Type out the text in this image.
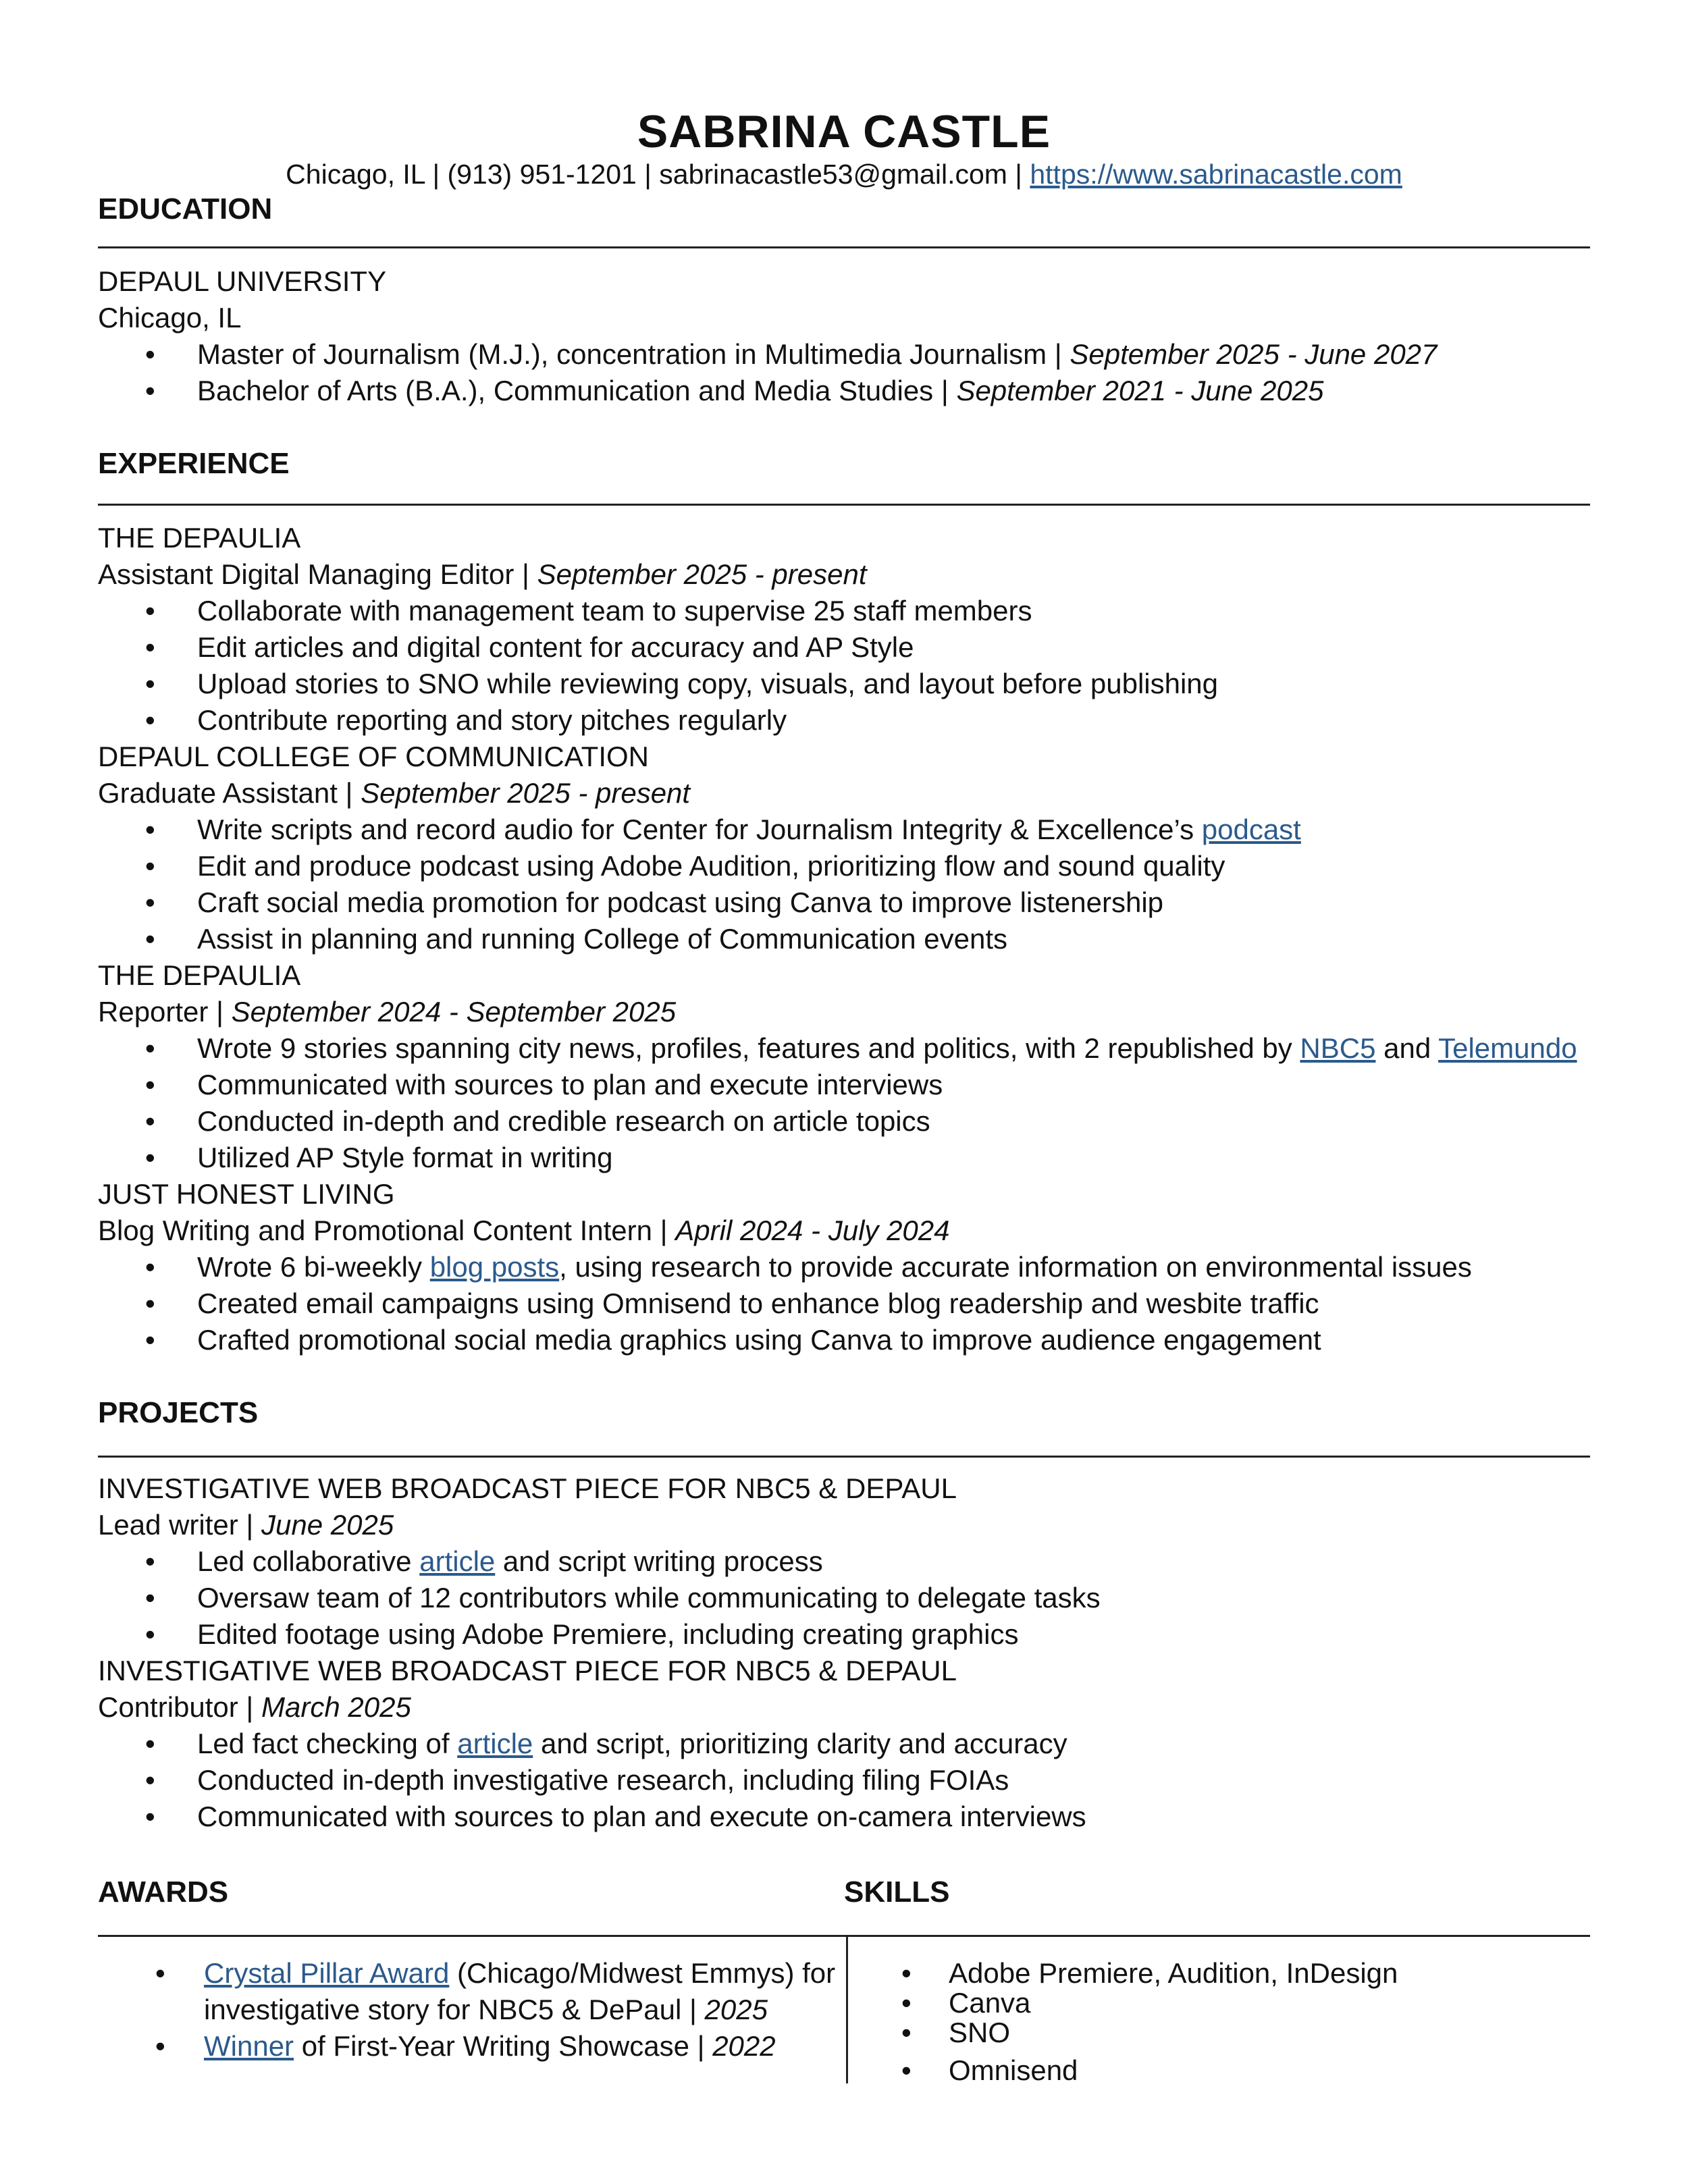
SABRINA CASTLE
Chicago, IL | (913) 951-1201 | sabrinacastle53@gmail.com | https://www.sabrinacastle.com
EDUCATION
DEPAUL UNIVERSITY
Chicago, IL
• Master of Journalism (M.J.), concentration in Multimedia Journalism | September 2025 - June 2027
• Bachelor of Arts (B.A.), Communication and Media Studies | September 2021 - June 2025
EXPERIENCE
THE DEPAULIA
Assistant Digital Managing Editor | September 2025 - present
• Collaborate with management team to supervise 25 staff members
• Edit articles and digital content for accuracy and AP Style
• Upload stories to SNO while reviewing copy, visuals, and layout before publishing
• Contribute reporting and story pitches regularly
DEPAUL COLLEGE OF COMMUNICATION
Graduate Assistant | September 2025 - present
• Write scripts and record audio for Center for Journalism Integrity & Excellence’s podcast
• Edit and produce podcast using Adobe Audition, prioritizing flow and sound quality
• Craft social media promotion for podcast using Canva to improve listenership
• Assist in planning and running College of Communication events
THE DEPAULIA
Reporter | September 2024 - September 2025
• Wrote 9 stories spanning city news, profiles, features and politics, with 2 republished by NBC5 and Telemundo
• Communicated with sources to plan and execute interviews
• Conducted in-depth and credible research on article topics
• Utilized AP Style format in writing
JUST HONEST LIVING
Blog Writing and Promotional Content Intern | April 2024 - July 2024
• Wrote 6 bi-weekly blog posts, using research to provide accurate information on environmental issues
• Created email campaigns using Omnisend to enhance blog readership and wesbite traffic
• Crafted promotional social media graphics using Canva to improve audience engagement
PROJECTS
INVESTIGATIVE WEB BROADCAST PIECE FOR NBC5 & DEPAUL
Lead writer | June 2025
• Led collaborative article and script writing process
• Oversaw team of 12 contributors while communicating to delegate tasks
• Edited footage using Adobe Premiere, including creating graphics
INVESTIGATIVE WEB BROADCAST PIECE FOR NBC5 & DEPAUL
Contributor | March 2025
• Led fact checking of article and script, prioritizing clarity and accuracy
• Conducted in-depth investigative research, including filing FOIAs
• Communicated with sources to plan and execute on-camera interviews
AWARDS	SKILLS
• Crystal Pillar Award (Chicago/Midwest Emmys) for
investigative story for NBC5 & DePaul | 2025
• Winner of First-Year Writing Showcase | 2022
• Adobe Premiere, Audition, InDesign
• Canva
• SNO
• Omnisend
